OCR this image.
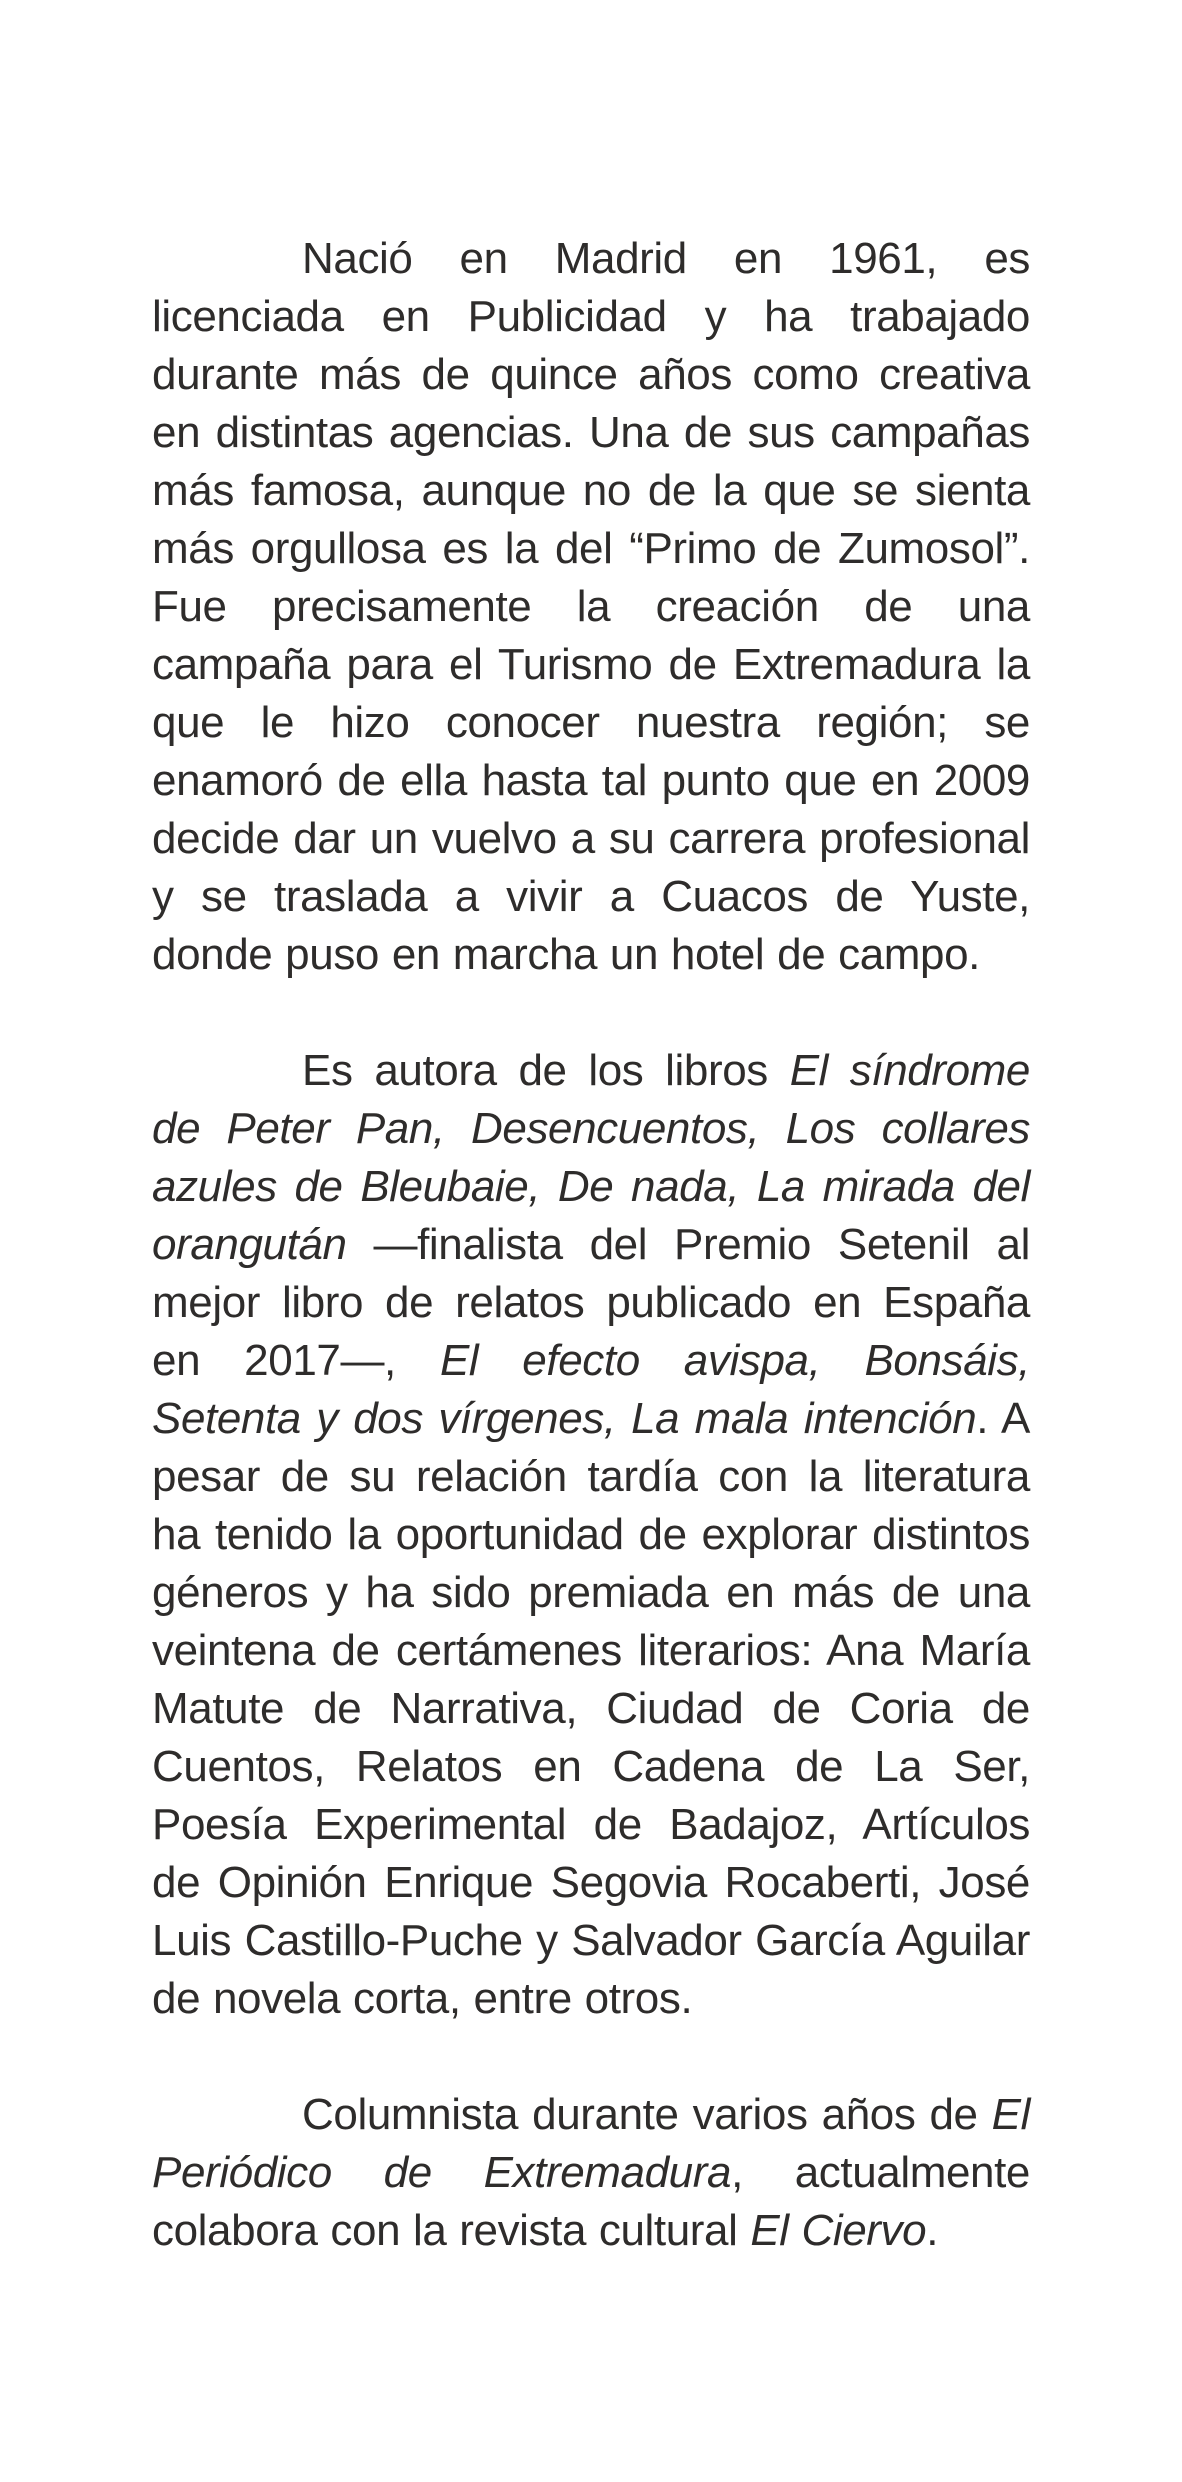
Nació en Madrid en 1961, es licenciada en Publicidad y ha trabajado durante más de quince años como creativa en distintas agencias. Una de sus campañas más famosa, aunque no de la que se sienta más orgullosa es la del “Primo de Zumosol”. Fue precisamente la creación de una campaña para el Turismo de Extremadura la que le hizo conocer nuestra región; se enamoró de ella hasta tal punto que en 2009 decide dar un vuelvo a su carrera profesional y se traslada a vivir a Cuacos de Yuste, donde puso en marcha un hotel de campo.

Es autora de los libros El síndrome de Peter Pan, Desencuentos, Los collares azules de Bleubaie, De nada, La mirada del orangután —finalista del Premio Setenil al mejor libro de relatos publicado en España en 2017—, El efecto avispa, Bonsáis, Setenta y dos vírgenes, La mala intención. A pesar de su relación tardía con la literatura ha tenido la oportunidad de explorar distintos géneros y ha sido premiada en más de una veintena de certámenes literarios: Ana María Matute de Narrativa, Ciudad de Coria de Cuentos, Relatos en Cadena de La Ser, Poesía Experimental de Badajoz, Artículos de Opinión Enrique Segovia Rocaberti, José Luis Castillo-Puche y Salvador García Aguilar de novela corta, entre otros.

Columnista durante varios años de El Periódico de Extremadura, actualmente colabora con la revista cultural El Ciervo.
